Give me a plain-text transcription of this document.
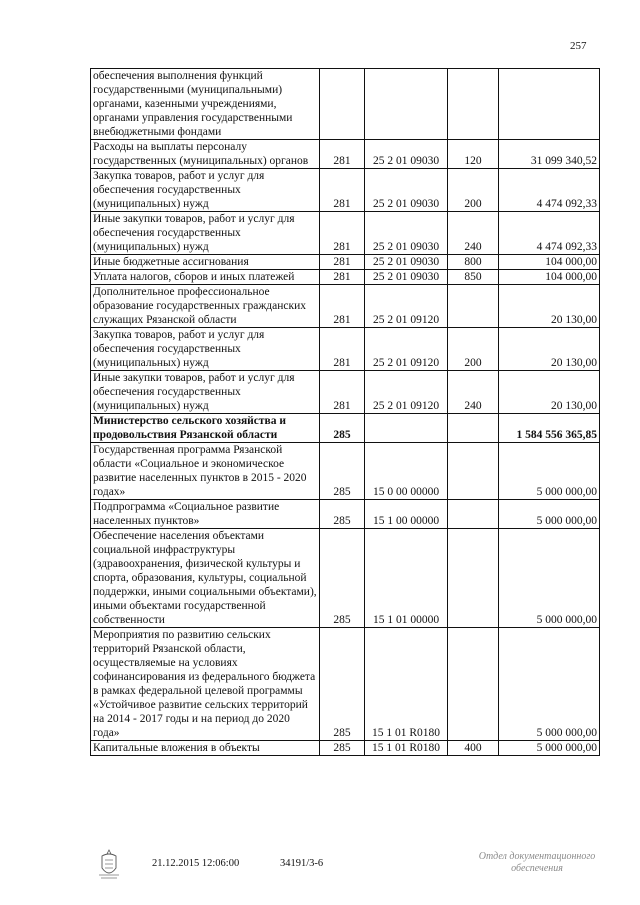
257
обеспечения выполнения функций государственными (муниципальными) органами, казенными учреждениями, органами управления государственными внебюджетными фондами				
Расходы на выплаты персоналу государственных (муниципальных) органов	281	25 2 01 09030	120	31 099 340,52
Закупка товаров, работ и услуг для обеспечения государственных (муниципальных) нужд	281	25 2 01 09030	200	4 474 092,33
Иные закупки товаров, работ и услуг для обеспечения государственных (муниципальных) нужд	281	25 2 01 09030	240	4 474 092,33
Иные бюджетные ассигнования	281	25 2 01 09030	800	104 000,00
Уплата налогов, сборов и иных платежей	281	25 2 01 09030	850	104 000,00
Дополнительное профессиональное образование государственных гражданских служащих Рязанской области	281	25 2 01 09120		20 130,00
Закупка товаров, работ и услуг для обеспечения государственных (муниципальных) нужд	281	25 2 01 09120	200	20 130,00
Иные закупки товаров, работ и услуг для обеспечения государственных (муниципальных) нужд	281	25 2 01 09120	240	20 130,00
Министерство сельского хозяйства и продовольствия Рязанской области	285			1 584 556 365,85
Государственная программа Рязанской области «Социальное и экономическое развитие населенных пунктов в 2015 - 2020 годах»	285	15 0 00 00000		5 000 000,00
Подпрограмма «Социальное развитие населенных пунктов»	285	15 1 00 00000		5 000 000,00
Обеспечение населения объектами социальной инфраструктуры (здравоохранения, физической культуры и спорта, образования, культуры, социальной поддержки, иными социальными объектами), иными объектами государственной собственности	285	15 1 01 00000		5 000 000,00
Мероприятия по развитию сельских территорий Рязанской области, осуществляемые на условиях софинансирования из федерального бюджета в рамках федеральной целевой программы «Устойчивое развитие сельских территорий на 2014 - 2017 годы и на период до 2020 года»	285	15 1 01 R0180		5 000 000,00
Капитальные вложения в объекты	285	15 1 01 R0180	400	5 000 000,00
21.12.2015 12:06:00	34191/3-6
Отдел документационного
обеспечения
